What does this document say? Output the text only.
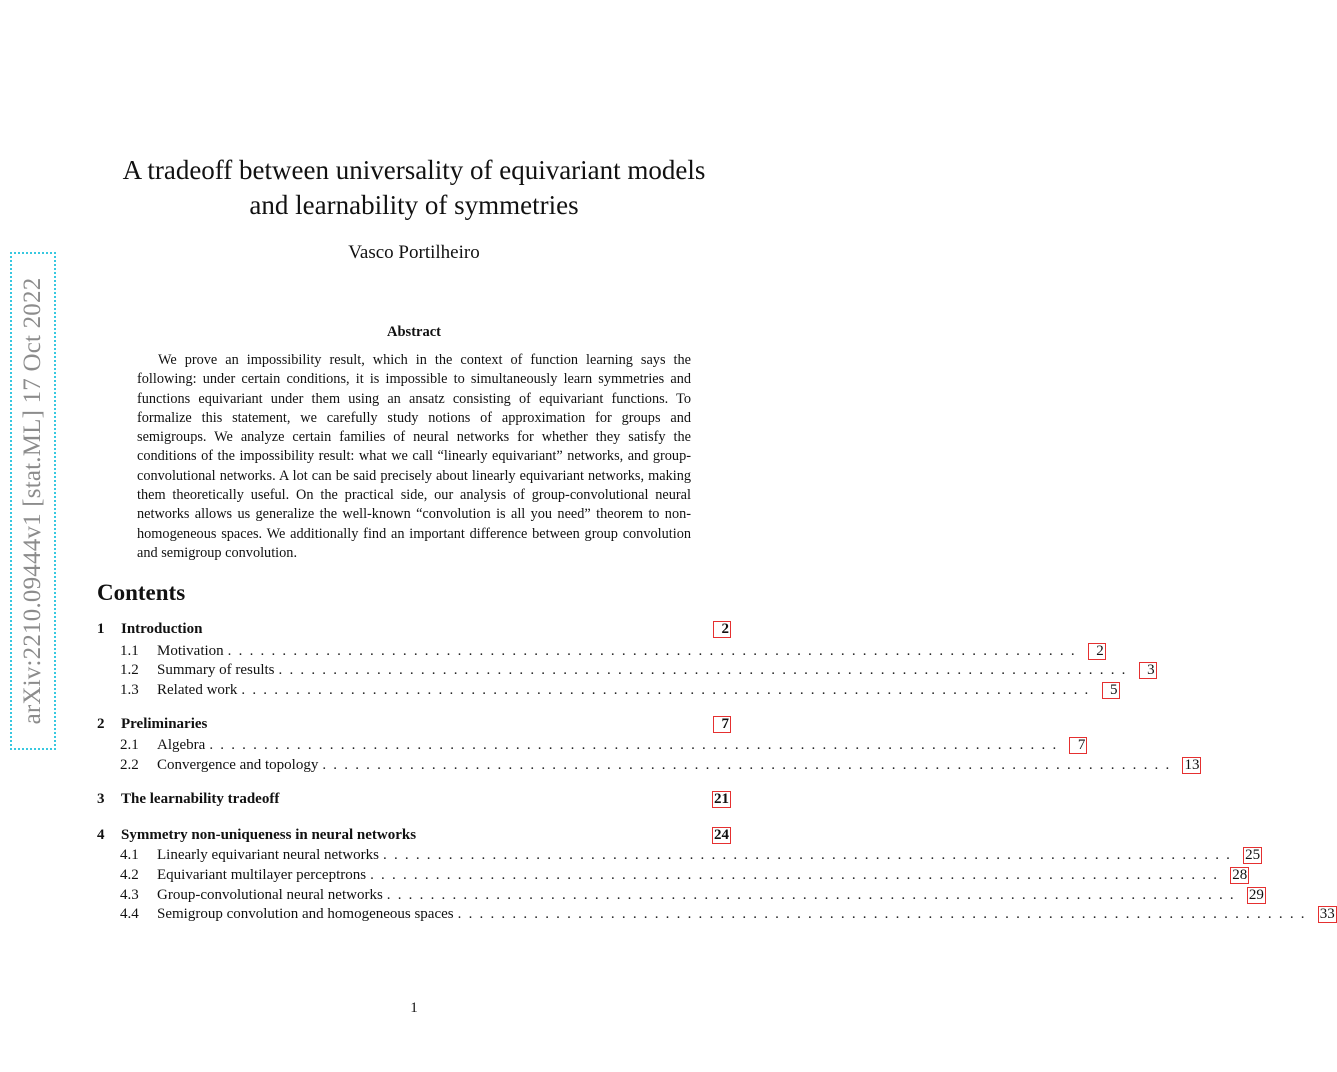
arXiv:2210.09444v1 [stat.ML] 17 Oct 2022
A tradeoff between universality of equivariant models
and learnability of symmetries
Vasco Portilheiro
Abstract
We prove an impossibility result, which in the context of function learning says the following: under certain conditions, it is impossible to simultaneously learn symmetries and functions equivariant under them using an ansatz consisting of equivariant functions. To formalize this statement, we carefully study notions of approximation for groups and semigroups. We analyze certain families of neural networks for whether they satisfy the conditions of the impossibility result: what we call “linearly equivariant” networks, and group-convolutional networks. A lot can be said precisely about linearly equivariant networks, making them theoretically useful. On the practical side, our analysis of group-convolutional neural networks allows us generalize the well-known “convolution is all you need” theorem to non-homogeneous spaces. We additionally find an important difference between group convolution and semigroup convolution.
Contents
1	Introduction	2
1.1	Motivation .............................................................................. 2
1.2	Summary of results .............................................................................. 3
1.3	Related work .............................................................................. 5
2	Preliminaries	7
2.1	Algebra .............................................................................. 7
2.2	Convergence and topology .............................................................................. 13
3	The learnability tradeoff	21
4	Symmetry non-uniqueness in neural networks	24
4.1	Linearly equivariant neural networks .............................................................................. 25
4.2	Equivariant multilayer perceptrons .............................................................................. 28
4.3	Group-convolutional neural networks .............................................................................. 29
4.4	Semigroup convolution and homogeneous spaces .............................................................................. 33
1
